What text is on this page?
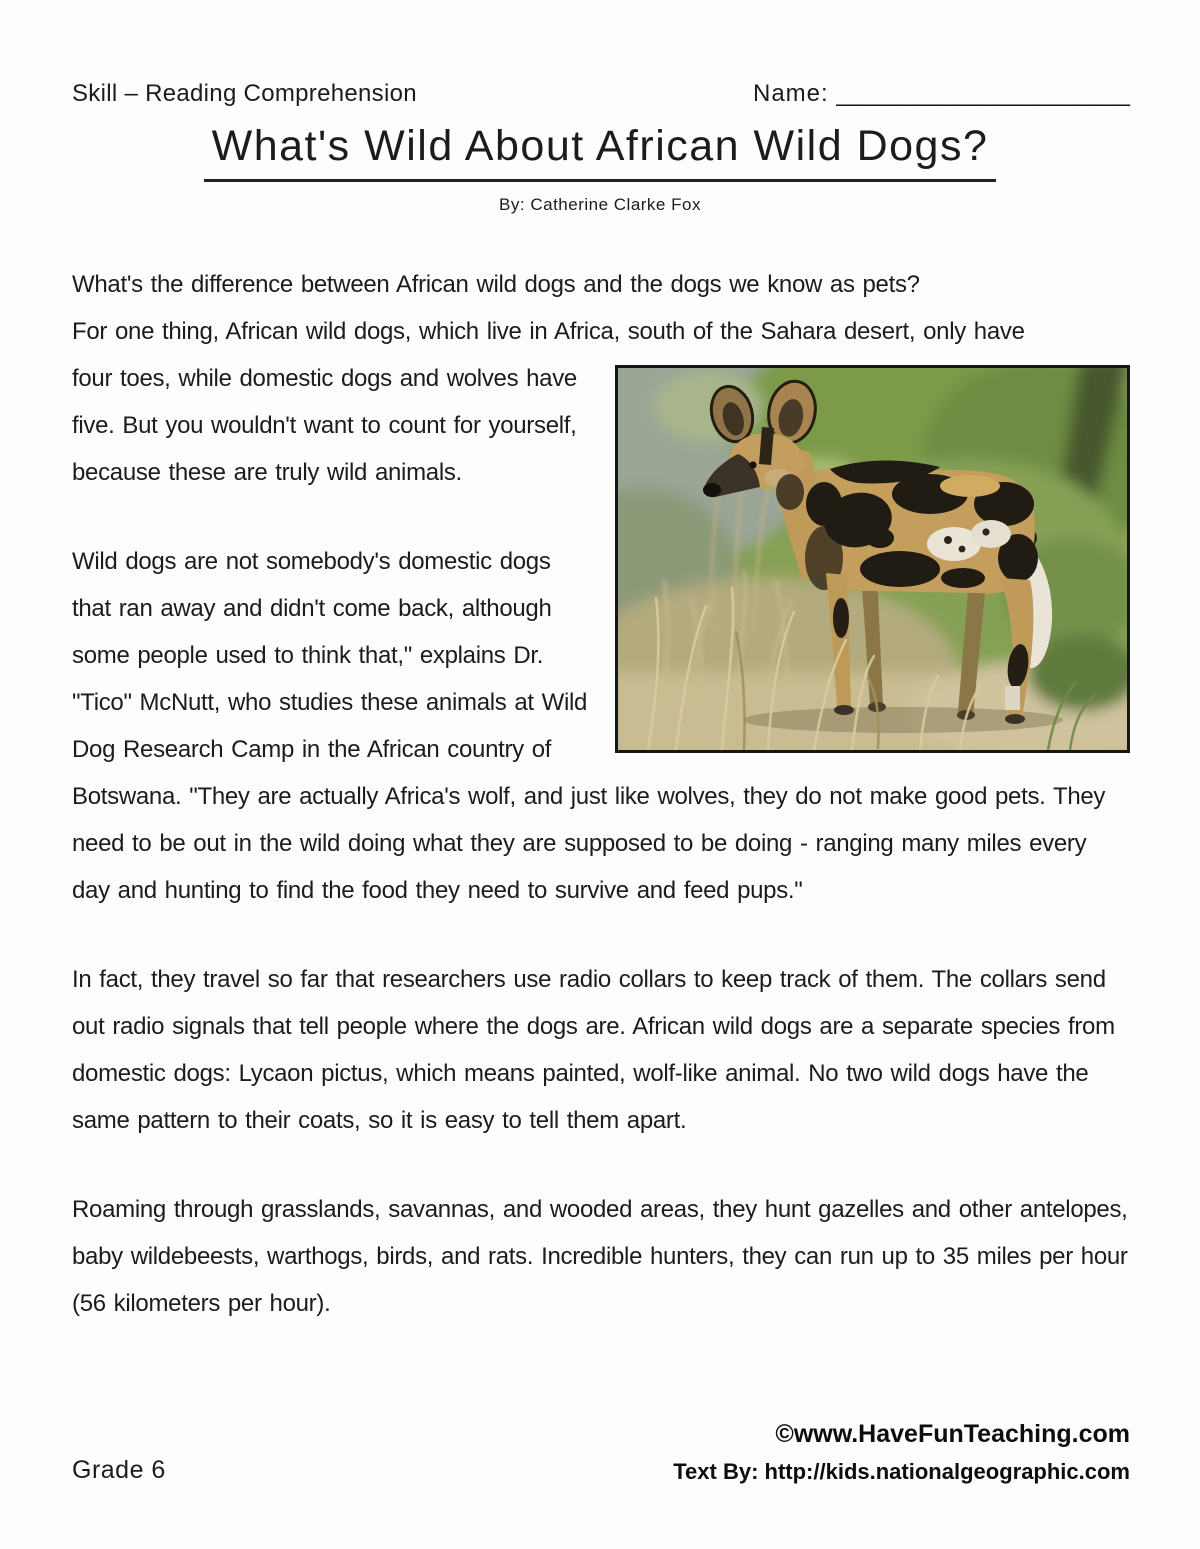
Skill – Reading Comprehension	Name: ______________________
What's Wild About African Wild Dogs?
By: Catherine Clarke Fox

What's the difference between African wild dogs and the dogs we know as pets?

For one thing, African wild dogs, which live in Africa, south of the Sahara desert, only have

four toes, while domestic dogs and wolves have five. But you wouldn't want to count for yourself, because these are truly wild animals.

Wild dogs are not somebody's domestic dogs that ran away and didn't come back, although some people used to think that," explains Dr. "Tico" McNutt, who studies these animals at Wild Dog Research Camp in the African country of Botswana. "They are actually Africa's wolf, and just like wolves, they do not make good pets. They need to be out in the wild doing what they are supposed to be doing - ranging many miles every day and hunting to find the food they need to survive and feed pups."

In fact, they travel so far that researchers use radio collars to keep track of them. The collars send out radio signals that tell people where the dogs are. African wild dogs are a separate species from domestic dogs: Lycaon pictus, which means painted, wolf-like animal. No two wild dogs have the same pattern to their coats, so it is easy to tell them apart.

Roaming through grasslands, savannas, and wooded areas, they hunt gazelles and other antelopes, baby wildebeests, warthogs, birds, and rats. Incredible hunters, they can run up to 35 miles per hour (56 kilometers per hour).

Grade 6
©www.HaveFunTeaching.com
Text By: http://kids.nationalgeographic.com
